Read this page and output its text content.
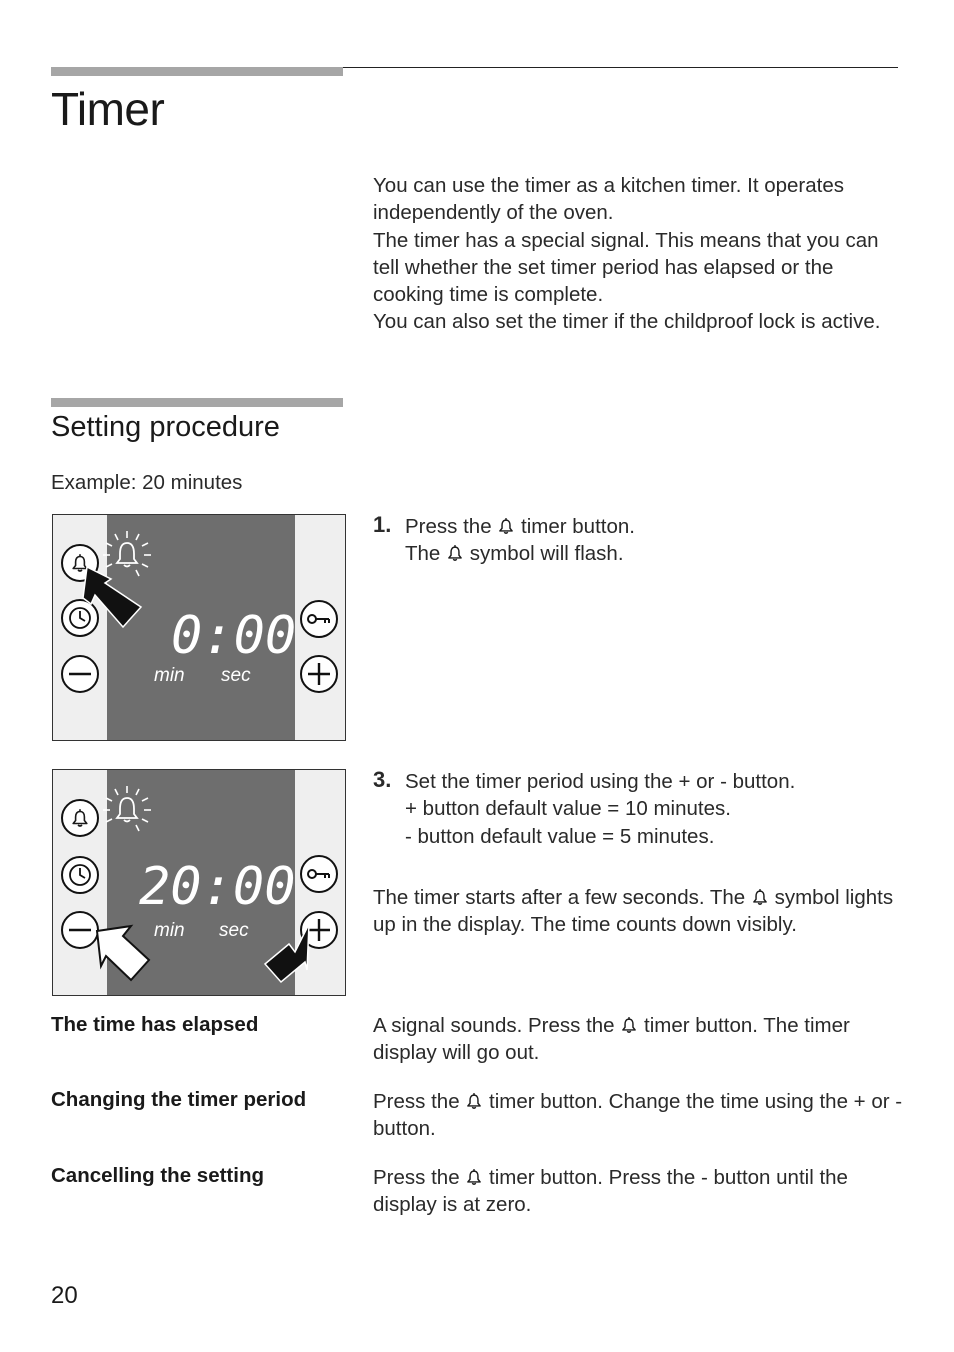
Timer

You can use the timer as a kitchen timer. It operates independently of the oven.

The timer has a special signal. This means that you can tell whether the set timer period has elapsed or the cooking time is complete.

You can also set the timer if the childproof lock is active.

Setting procedure
Example: 20 minutes
0:00
min sec
1. Press the timer button.
The symbol will flash.
20:00
min sec
3. Set the timer period using the + or - button.
+ button default value = 10 minutes.
- button default value = 5 minutes.
The timer starts after a few seconds. The symbol lights up in the display. The time counts down visibly.
The time has elapsed	A signal sounds. Press the timer button. The timer display will go out.
Changing the timer period	Press the timer button. Change the time using the + or - button.
Cancelling the setting	Press the timer button. Press the - button until the display is at zero.
20
